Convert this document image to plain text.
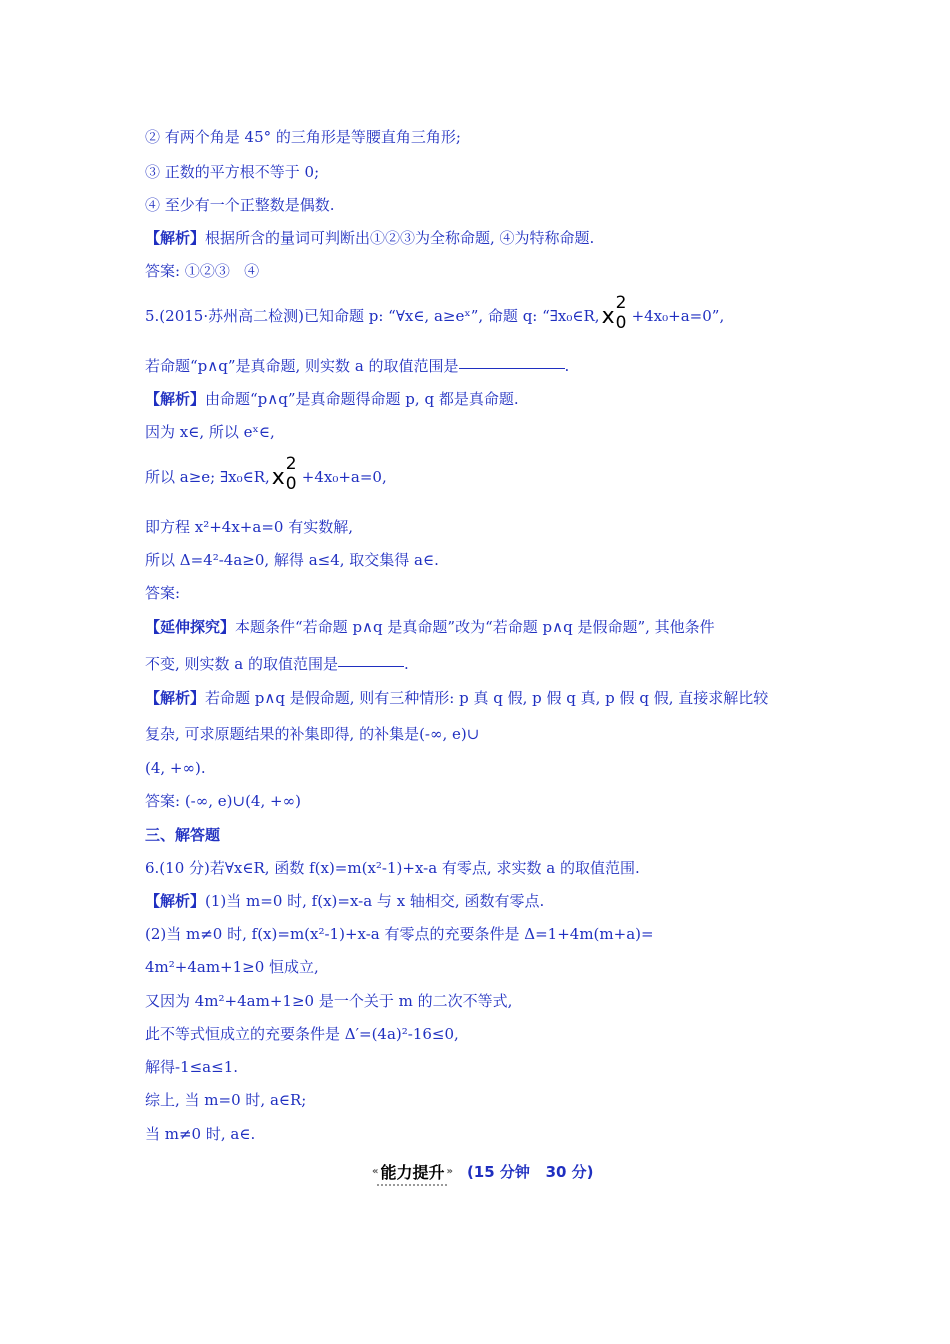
② 有两个角是 45° 的三角形是等腰直角三角形;
③ 正数的平方根不等于 0;
④ 至少有一个正整数是偶数.
【解析】根据所含的量词可判断出①②③为全称命题, ④为特称命题.
答案: ①②③   ④
5.(2015·苏州高二检测)已知命题 p: “∀x∈, a≥eˣ”, 命题 q: “∃x₀∈R,x
2
0 +4x₀+a=0”,
若命题“p∧q”是真命题, 则实数 a 的取值范围是	.
【解析】由命题“p∧q”是真命题得命题 p, q 都是真命题.
因为 x∈, 所以 eˣ∈,
所以 a≥e; ∃x₀∈R,x
2
0 +4x₀+a=0,
即方程 x²+4x+a=0 有实数解,
所以 Δ=4²-4a≥0, 解得 a≤4, 取交集得 a∈.
答案:
【延伸探究】本题条件“若命题 p∧q 是真命题”改为“若命题 p∧q 是假命题”, 其他条件
不变, 则实数 a 的取值范围是	.
【解析】若命题 p∧q 是假命题, 则有三种情形: p 真 q 假, p 假 q 真, p 假 q 假, 直接求解比较
复杂, 可求原题结果的补集即得, 的补集是(-∞, e)∪
(4, +∞).
答案: (-∞, e)∪(4, +∞)
三、解答题
6.(10 分)若∀x∈R, 函数 f(x)=m(x²-1)+x-a 有零点, 求实数 a 的取值范围.
【解析】(1)当 m=0 时, f(x)=x-a 与 x 轴相交, 函数有零点.
(2)当 m≠0 时, f(x)=m(x²-1)+x-a 有零点的充要条件是 Δ=1+4m(m+a)=
4m²+4am+1≥0 恒成立,
又因为 4m²+4am+1≥0 是一个关于 m 的二次不等式,
此不等式恒成立的充要条件是 Δ′=(4a)²-16≤0,
解得-1≤a≤1.
综上, 当 m=0 时, a∈R;
当 m≠0 时, a∈.
« 能力提升 » (15 分钟   30 分)
